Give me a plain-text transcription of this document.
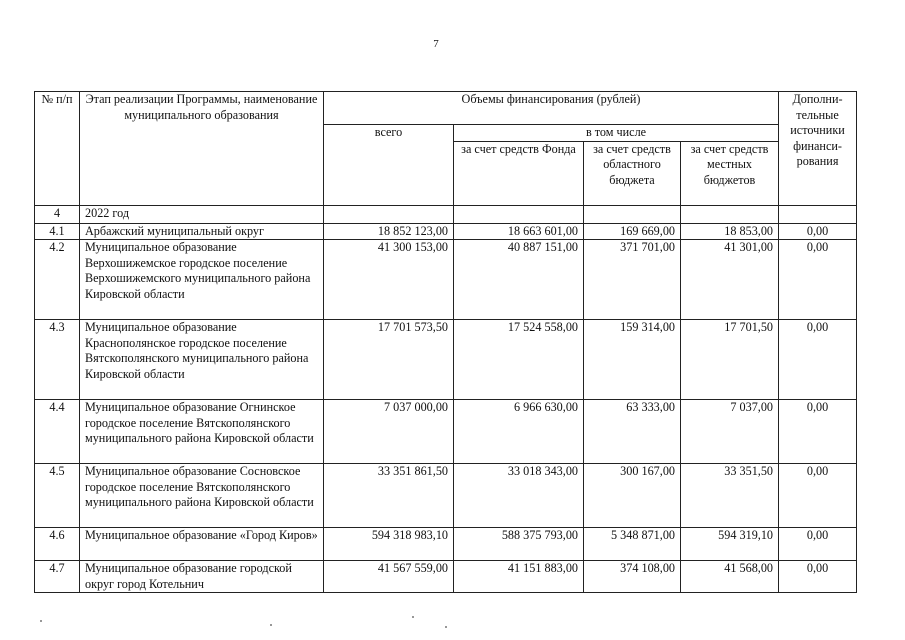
7
№ п/п	Этап реализации Программы, наименование муниципального образования	Объемы финансирования (рублей)				Дополни-тельные источники финанси-рования
		всего	в том числе			
			за счет средств Фонда	за счет средств областного бюджета	за счет средств местных бюджетов	
4	2022 год					
4.1	Арбажский муниципальный округ	18 852 123,00	18 663 601,00	169 669,00	18 853,00	0,00
4.2	Муниципальное образование Верхошижемское городское поселение Верхошижемского муниципального района Кировской области	41 300 153,00	40 887 151,00	371 701,00	41 301,00	0,00
4.3	Муниципальное образование Краснополянское городское поселение Вятскополянского муниципального района Кировской области	17 701 573,50	17 524 558,00	159 314,00	17 701,50	0,00
4.4	Муниципальное образование Огнинское городское поселение Вятскополянского муниципального района Кировской области	7 037 000,00	6 966 630,00	63 333,00	7 037,00	0,00
4.5	Муниципальное образование Сосновское городское поселение Вятскополянского муниципального района Кировской области	33 351 861,50	33 018 343,00	300 167,00	33 351,50	0,00
4.6	Муниципальное образование «Город Киров»	594 318 983,10	588 375 793,00	5 348 871,00	594 319,10	0,00
4.7	Муниципальное образование городской округ город Котельнич	41 567 559,00	41 151 883,00	374 108,00	41 568,00	0,00
